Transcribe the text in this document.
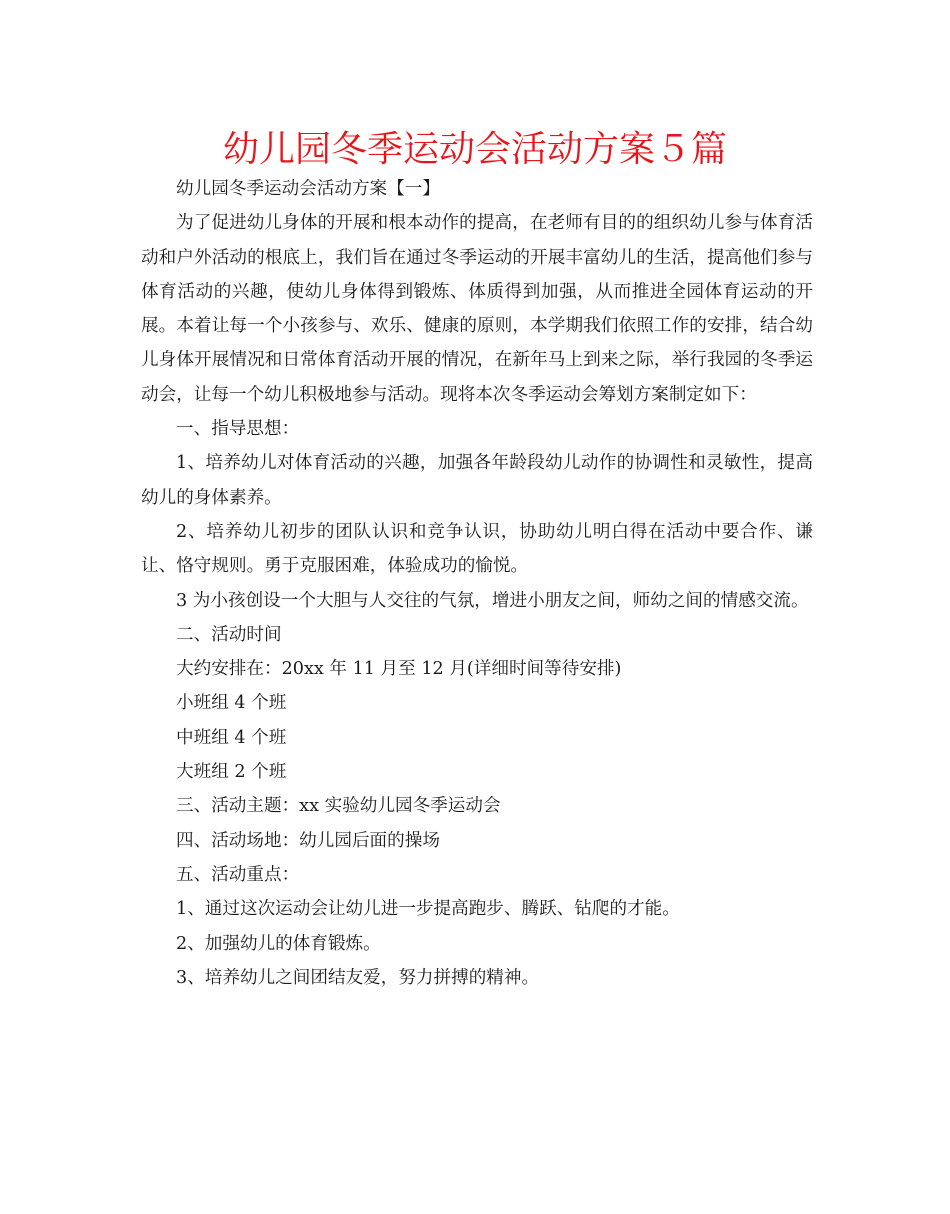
幼儿园冬季运动会活动方案５篇

幼儿园冬季运动会活动方案【一】

为了促进幼儿身体的开展和根本动作的提高，在老师有目的的组织幼儿参与体育活动和户外活动的根底上，我们旨在通过冬季运动的开展丰富幼儿的生活，提高他们参与体育活动的兴趣，使幼儿身体得到锻炼、体质得到加强，从而推进全园体育运动的开展。本着让每一个小孩参与、欢乐、健康的原则，本学期我们依照工作的安排，结合幼儿身体开展情况和日常体育活动开展的情况，在新年马上到来之际，举行我园的冬季运动会，让每一个幼儿积极地参与活动。现将本次冬季运动会筹划方案制定如下：

一、指导思想：

1、培养幼儿对体育活动的兴趣，加强各年龄段幼儿动作的协调性和灵敏性，提高幼儿的身体素养。

2、培养幼儿初步的团队认识和竞争认识，协助幼儿明白得在活动中要合作、谦让、恪守规则。勇于克服困难，体验成功的愉悦。

3 为小孩创设一个大胆与人交往的气氛，增进小朋友之间，师幼之间的情感交流。

二、活动时间

大约安排在：20xx 年 11 月至 12 月(详细时间等待安排)

小班组 4 个班

中班组 4 个班

大班组 2 个班

三、活动主题：xx 实验幼儿园冬季运动会

四、活动场地：幼儿园后面的操场

五、活动重点：

1、通过这次运动会让幼儿进一步提高跑步、腾跃、钻爬的才能。

2、加强幼儿的体育锻炼。

3、培养幼儿之间团结友爱，努力拼搏的精神。
